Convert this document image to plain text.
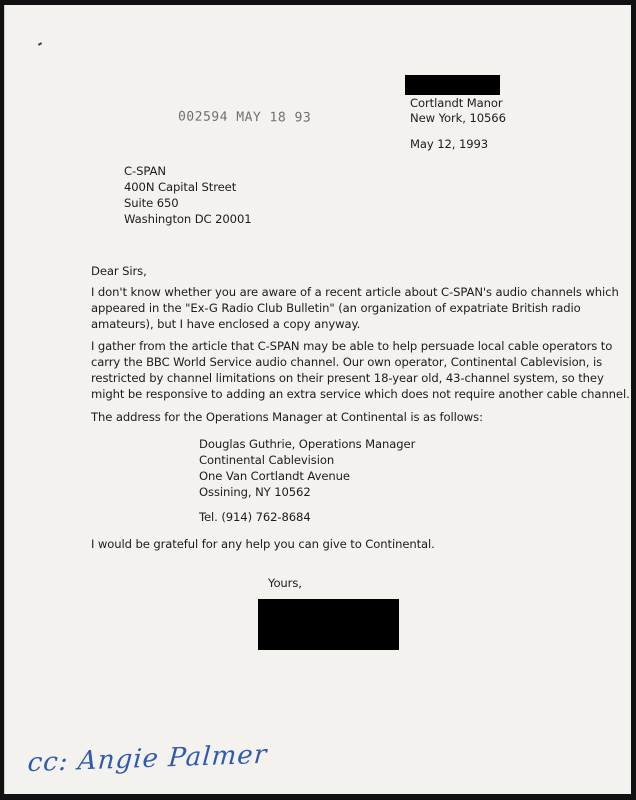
Cortlandt Manor
New York, 10566
002594 MAY 18 93
May 12, 1993
C-SPAN
400N Capital Street
Suite 650
Washington DC 20001
Dear Sirs,
I don't know whether you are aware of a recent article about C-SPAN's audio channels which
appeared in the "Ex-G Radio Club Bulletin" (an organization of expatriate British radio
amateurs), but I have enclosed a copy anyway.
I gather from the article that C-SPAN may be able to help persuade local cable operators to
carry the BBC World Service audio channel. Our own operator, Continental Cablevision, is
restricted by channel limitations on their present 18-year old, 43-channel system, so they
might be responsive to adding an extra service which does not require another cable channel.
The address for the Operations Manager at Continental is as follows:
Douglas Guthrie, Operations Manager
Continental Cablevision
One Van Cortlandt Avenue
Ossining, NY 10562
Tel. (914) 762-8684
I would be grateful for any help you can give to Continental.
Yours,
cc: Angie Palmer
